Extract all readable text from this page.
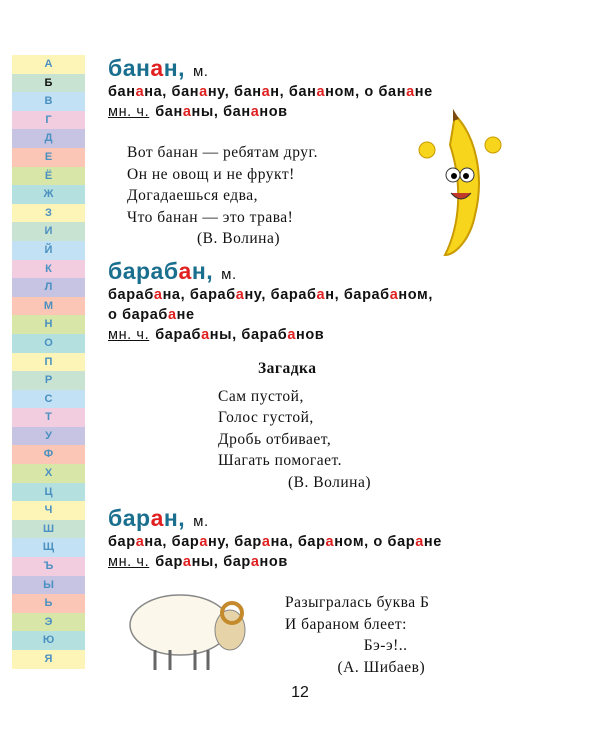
А
Б
В
Г
Д
Е
Ё
Ж
З
И
Й
К
Л
М
Н
О
П
Р
С
Т
У
Ф
Х
Ц
Ч
Ш
Щ
Ъ
Ы
Ь
Э
Ю
Я
банан, м.
банана, банану, банан, бананом, о банане
мн. ч. бананы, бананов
барабан, м.
барабана, барабану, барабан, барабаном,
о барабане
мн. ч. барабаны, барабанов
баран, м.
барана, барану, барана, бараном, о баране
мн. ч. бараны, баранов
Вот банан — ребятам друг.
Он не овощ и не фрукт!
Догадаешься едва,
Что банан — это трава!
(В. Волина)
Загадка
Сам пустой,
Голос густой,
Дробь отбивает,
Шагать помогает.
(В. Волина)
Разыгралась буква Б
И бараном блеет:
Бэ-э!..
(А. Шибаев)
12
